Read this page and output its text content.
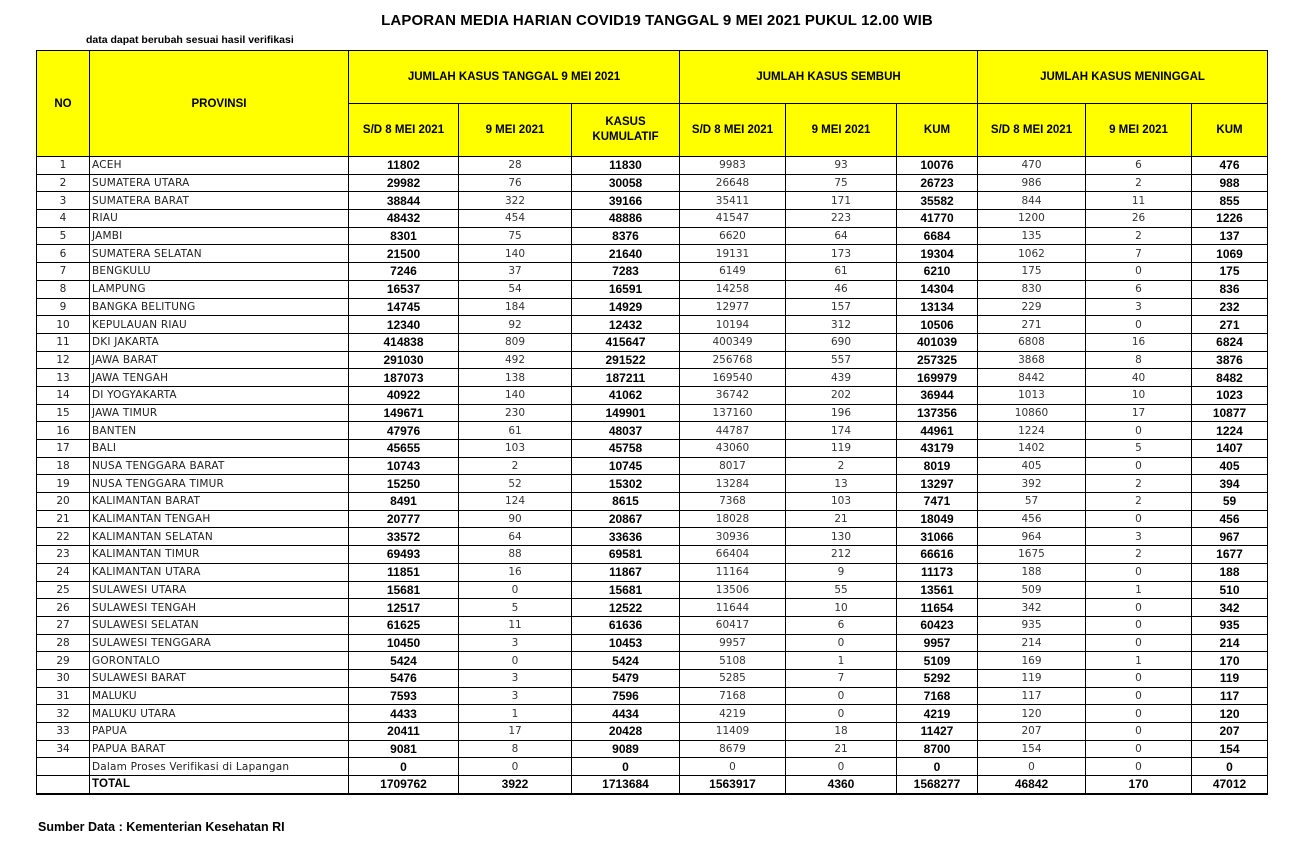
LAPORAN MEDIA HARIAN COVID19 TANGGAL 9 MEI 2021 PUKUL 12.00 WIB
data dapat berubah sesuai hasil verifikasi
NO	PROVINSI	JUMLAH KASUS TANGGAL 9 MEI 2021			JUMLAH KASUS SEMBUH			JUMLAH KASUS MENINGGAL		
		S/D 8 MEI 2021	9 MEI 2021	KASUS KUMULATIF	S/D 8 MEI 2021	9 MEI 2021	KUM	S/D 8 MEI 2021	9 MEI 2021	KUM
1	ACEH	11802	28	11830	9983	93	10076	470	6	476
2	SUMATERA UTARA	29982	76	30058	26648	75	26723	986	2	988
3	SUMATERA BARAT	38844	322	39166	35411	171	35582	844	11	855
4	RIAU	48432	454	48886	41547	223	41770	1200	26	1226
5	JAMBI	8301	75	8376	6620	64	6684	135	2	137
6	SUMATERA SELATAN	21500	140	21640	19131	173	19304	1062	7	1069
7	BENGKULU	7246	37	7283	6149	61	6210	175	0	175
8	LAMPUNG	16537	54	16591	14258	46	14304	830	6	836
9	BANGKA BELITUNG	14745	184	14929	12977	157	13134	229	3	232
10	KEPULAUAN RIAU	12340	92	12432	10194	312	10506	271	0	271
11	DKI JAKARTA	414838	809	415647	400349	690	401039	6808	16	6824
12	JAWA BARAT	291030	492	291522	256768	557	257325	3868	8	3876
13	JAWA TENGAH	187073	138	187211	169540	439	169979	8442	40	8482
14	DI YOGYAKARTA	40922	140	41062	36742	202	36944	1013	10	1023
15	JAWA TIMUR	149671	230	149901	137160	196	137356	10860	17	10877
16	BANTEN	47976	61	48037	44787	174	44961	1224	0	1224
17	BALI	45655	103	45758	43060	119	43179	1402	5	1407
18	NUSA TENGGARA BARAT	10743	2	10745	8017	2	8019	405	0	405
19	NUSA TENGGARA TIMUR	15250	52	15302	13284	13	13297	392	2	394
20	KALIMANTAN BARAT	8491	124	8615	7368	103	7471	57	2	59
21	KALIMANTAN TENGAH	20777	90	20867	18028	21	18049	456	0	456
22	KALIMANTAN SELATAN	33572	64	33636	30936	130	31066	964	3	967
23	KALIMANTAN TIMUR	69493	88	69581	66404	212	66616	1675	2	1677
24	KALIMANTAN UTARA	11851	16	11867	11164	9	11173	188	0	188
25	SULAWESI UTARA	15681	0	15681	13506	55	13561	509	1	510
26	SULAWESI TENGAH	12517	5	12522	11644	10	11654	342	0	342
27	SULAWESI SELATAN	61625	11	61636	60417	6	60423	935	0	935
28	SULAWESI TENGGARA	10450	3	10453	9957	0	9957	214	0	214
29	GORONTALO	5424	0	5424	5108	1	5109	169	1	170
30	SULAWESI BARAT	5476	3	5479	5285	7	5292	119	0	119
31	MALUKU	7593	3	7596	7168	0	7168	117	0	117
32	MALUKU UTARA	4433	1	4434	4219	0	4219	120	0	120
33	PAPUA	20411	17	20428	11409	18	11427	207	0	207
34	PAPUA BARAT	9081	8	9089	8679	21	8700	154	0	154
	Dalam Proses Verifikasi di Lapangan	0	0	0	0	0	0	0	0	0
	TOTAL	1709762	3922	1713684	1563917	4360	1568277	46842	170	47012
Sumber Data : Kementerian Kesehatan RI
